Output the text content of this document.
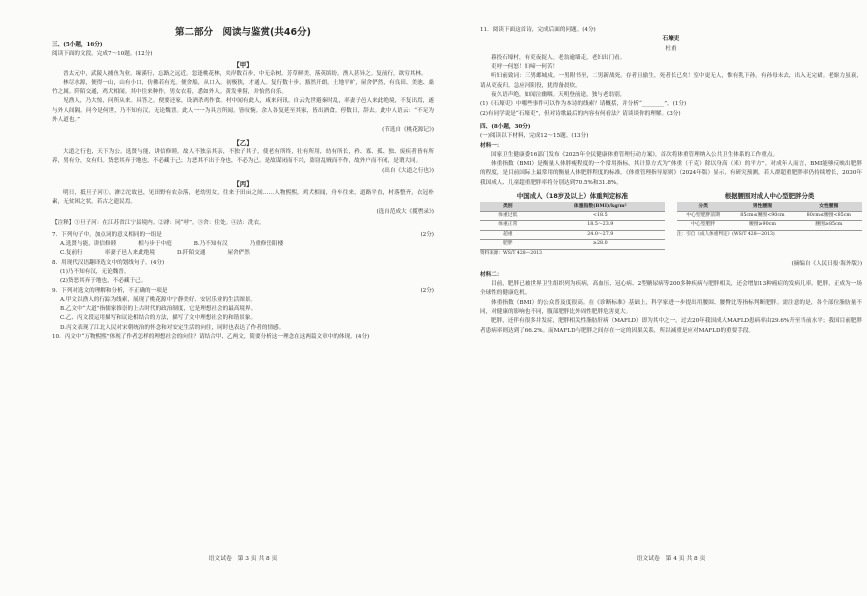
第二部分　阅读与鉴赏(共46分)
三、(5小题，16分)
阅读下面的文段，完成7～10题。(12分)
【甲】

晋太元中，武陵人捕鱼为业。缘溪行，忘路之远近。忽逢桃花林，夹岸数百步，中无杂树，芳草鲜美，落英缤纷。渔人甚异之。复前行，欲穷其林。

林尽水源，便得一山，山有小口，仿佛若有光。便舍船，从口入。初极狭，才通人。复行数十步，豁然开朗。土地平旷，屋舍俨然，有良田、美池、桑竹之属。阡陌交通，鸡犬相闻。其中往来种作，男女衣着，悉如外人。黄发垂髫，并怡然自乐。

见渔人，乃大惊，问所从来。具答之。便要还家，设酒杀鸡作食。村中闻有此人，咸来问讯。自云先世避秦时乱，率妻子邑人来此绝境，不复出焉，遂与外人间隔。问今是何世，乃不知有汉，无论魏晋。此人一一为具言所闻，皆叹惋。余人各复延至其家，皆出酒食。停数日，辞去。此中人语云：“不足为外人道也。”

(节选自《桃花源记》)
【乙】

大道之行也，天下为公。选贤与能，讲信修睦。故人不独亲其亲，不独子其子，使老有所终，壮有所用，幼有所长，矜、寡、孤、独、废疾者皆有所养，男有分，女有归。货恶其弃于地也，不必藏于己；力恶其不出于身也，不必为己。是故谋闭而不兴，盗窃乱贼而不作，故外户而不闭，是谓大同。

(出自《大道之行也》)
【丙】

明日，抵旦子河①。滹②沱故邑，见田野有农杂落，老幼男女，往来于田亩之间……人物熙熙，鸡犬相闻，舟车往来，道路平直，村落整齐，衣冠朴素，无贫困之状，若古之遗民焉。

(选自范成大《揽辔录》)
【注释】①旦子河：在江苏省江宁县境内。②滹：同“呼”。③舍：住处。④沽：洗衣。
7．下列句子中，加点词的意义相同的一组是	(2分)
A.选贤与能，讲信修睦	相与步于中庭	B.乃不知有汉	乃重修岳阳楼
C.复前行	率妻子邑人来此绝境	D.阡陌交通	屋舍俨然
8．用现代汉语翻译选文中的划线句子。(4分)
(1)乃不知有汉，无论魏晋。
(2)货恶其弃于地也，不必藏于己。
9．下列对选文的理解和分析，不正确的一项是	(2分)
A.甲文以渔人的行踪为线索，展现了桃花源中宁静美好、安居乐业的生活图景。
B.乙文中“大道”指儒家推崇的上古时代的政治制度，它是理想社会的最高境界。
C.乙、丙文段运用描写和议论相结合的方法，描写了文中理想社会的和谐景象。
D.丙文表现了江北人民对宋朝统治的怀念和对安定生活的向往，同时也表达了作者的情感。
10．丙文中“万物熙熙”体现了作者怎样的理想社会的向往？请结合甲、乙两文，简要分析这一理念在这两篇文章中的体现。(4分)
语文试卷　第 3 页 共 8 页
11．阅读下面这首诗，完成后面的问题。(4分)
石壕吏
杜甫

暮投石壕村，有吏夜捉人。老翁逾墙走，老妇出门看。

吏呼一何怒！妇啼一何苦！

听妇前致词：三男邺城戍。一男附书至，二男新战死。存者且偷生，死者长已矣！室中更无人，惟有乳下孙。有孙母未去，出入无完裙。老妪力虽衰，请从吏夜归。急应河阳役，犹得备晨炊。

夜久语声绝，如闻泣幽咽。天明登前途，独与老翁别。

(1)《石壕吏》中哪些事件可以作为本诗的线索？请概括，并分析“________”。(1分)
(2)有同学说是“石壕吏”，但对诗歌最后的内容有何看法？请谈谈你的理解。(3分)
四、(8小题，30分)
(一)阅读以下材料，完成12～15题。(13分)
材料一：

国家卫生健康委16部门发布《2025年全民健康体重管理行动方案》，首次将体重管理纳入公共卫生体系的工作重点。

体重指数（BMI）是衡量人体胖瘦程度的一个常用指标，其计算方式为“体重（千克）除以身高（米）的平方”。对成年人而言，BMI能够反映出肥胖的程度，是目前国际上最常用的衡量人体肥胖程度的标准。《体重管理指导原则》（2024年版）显示，有研究预测，若人群超重肥胖率仍持续增长，2030年我国成人、儿童超重肥胖率将分别达到70.5%和31.8%。

中国成人（18岁及以上）体重判定标准
类别	体重指数(BMI)/kg/m²
体重过低	<18.5
体重正常	18.5～23.9
超重	24.0～27.9
肥胖	≥28.0
资料来源：WS/T 428—2013
根据腰围对成人中心型肥胖分类
分类	男性腰围	女性腰围
中心型肥胖前期	85cm≤腰围<90cm	80cm≤腰围<85cm
中心型肥胖	腰围≥90cm	腰围≥85cm
注：引自《成人体重判定》(WS/T 428—2013)
(摘编自《人民日报·海外版》)
材料二：

目前，肥胖已被世界卫生组织列为疾病，高血压、冠心病、2型糖尿病等200多种疾病与肥胖相关，还会增加13种癌症的发病几率。肥胖，正成为一场全球性的健康危机。

体重指数（BMI）的公众普及度很高。在《诊断标准》基础上，科学家进一步提出用腰围、腰臀比等指标判断肥胖。需注意的是，各个部位脂肪量不同，对健康的影响也不同，腹部肥胖比外周性肥胖危害更大。

肥胖，还伴有很多并发症，肥胖相关性脂肪肝病（MAFLD）即为其中之一。过去20年我国成人MAFLD患病率由29.6%升至当前水平；我国目前肥胖者患病率则达到了66.2%。而MAFLD与肥胖之间存在一定的因果关系，所以减重是应对MAFLD的重要手段。

语文试卷　第 4 页 共 8 页
